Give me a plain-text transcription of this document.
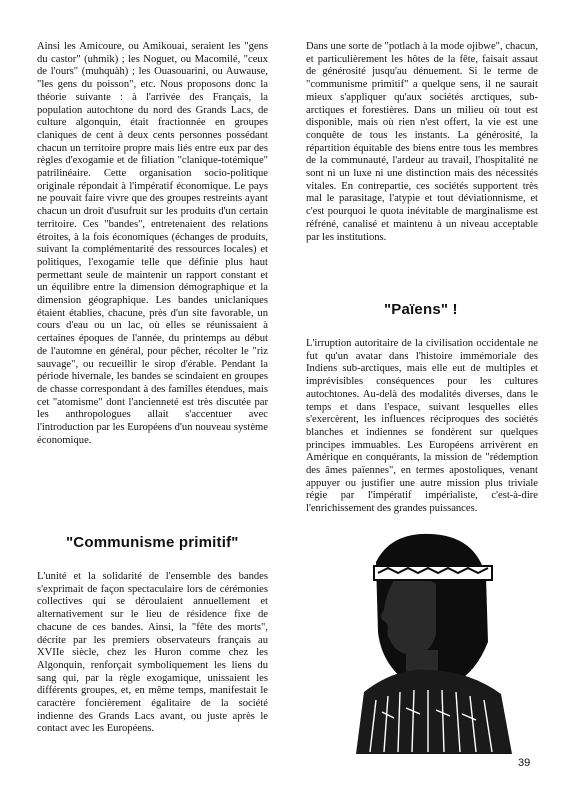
Ainsi les Amicoure, ou Amikouai, seraient les "gens du castor" (uhmik) ; les Noguet, ou Macomilé, "ceux de l'ours" (muhquàh) ; les Ouasouarini, ou Auwause, "les gens du poisson", etc. Nous proposons donc la théorie suivante : à l'arrivée des Français, la population autochtone du nord des Grands Lacs, de culture algonquin, était fractionnée en groupes claniques de cent à deux cents personnes possédant chacun un territoire propre mais liés entre eux par des règles d'exogamie et de filiation "clanique-totémique" patrilinéaire. Cette organisation socio-politique originale répondait à l'impératif économique. Le pays ne pouvait faire vivre que des groupes restreints ayant chacun un droit d'usufruit sur les produits d'un certain territoire. Ces "bandes", entretenaient des relations étroites, à la fois économiques (échanges de produits, suivant la complémentarité des ressources locales) et politiques, l'exogamie telle que définie plus haut permettant seule de maintenir un rapport constant et un équilibre entre la dimension démographique et la dimension géographique. Les bandes uniclaniques étaient établies, chacune, près d'un site favorable, un cours d'eau ou un lac, où elles se réunissaient à certaines époques de l'année, du printemps au début de l'automne en général, pour pêcher, récolter le "riz sauvage", ou recueillir le sirop d'érable. Pendant la période hivernale, les bandes se scindaient en groupes de chasse correspondant à des familles étendues, mais cet "atomisme" dont l'ancienneté est très discutée par les anthropologues allait s'accentuer avec l'introduction par les Européens d'un nouveau système économique.

"Communisme primitif"

L'unité et la solidarité de l'ensemble des bandes s'exprimait de façon spectaculaire lors de cérémonies collectives qui se déroulaient annuellement et alternativement sur le lieu de résidence fixe de chacune de ces bandes. Ainsi, la "fête des morts", décrite par les premiers observateurs français au XVIIe siècle, chez les Huron comme chez les Algonquin, renforçait symboliquement les liens du sang qui, par la règle exogamique, unissaient les différents groupes, et, en même temps, manifestait le caractère foncièrement égalitaire de la société indienne des Grands Lacs avant, ou juste après le contact avec les Européens.

Dans une sorte de "potlach à la mode ojibwe", chacun, et particulièrement les hôtes de la fête, faisait assaut de générosité jusqu'au dénuement. Si le terme de "communisme primitif" a quelque sens, il ne saurait mieux s'appliquer qu'aux sociétés arctiques, sub-arctiques et forestières. Dans un milieu où tout est disponible, mais où rien n'est offert, la vie est une conquête de tous les instants. La générosité, la répartition équitable des biens entre tous les membres de la communauté, l'ardeur au travail, l'hospitalité ne sont ni un luxe ni une distinction mais des nécessités vitales. En contrepartie, ces sociétés supportent très mal le parasitage, l'atypie et tout déviationnisme, et c'est pourquoi le quota inévitable de marginalisme est réfréné, canalisé et maintenu à un niveau acceptable par les institutions.

"Païens" !

L'irruption autoritaire de la civilisation occidentale ne fut qu'un avatar dans l'histoire immémoriale des Indiens sub-arctiques, mais elle eut de multiples et imprévisibles conséquences pour les cultures autochtones. Au-delà des modalités diverses, dans le temps et dans l'espace, suivant lesquelles elles s'exercèrent, les influences réciproques des sociétés blanches et indiennes se fondèrent sur quelques principes immuables. Les Européens arrivèrent en Amérique en conquérants, la mission de "rédemption des âmes païennes", en termes apostoliques, venant appuyer ou justifier une autre mission plus triviale régie par l'impératif impérialiste, c'est-à-dire l'enrichissement des grandes puissances.

39
